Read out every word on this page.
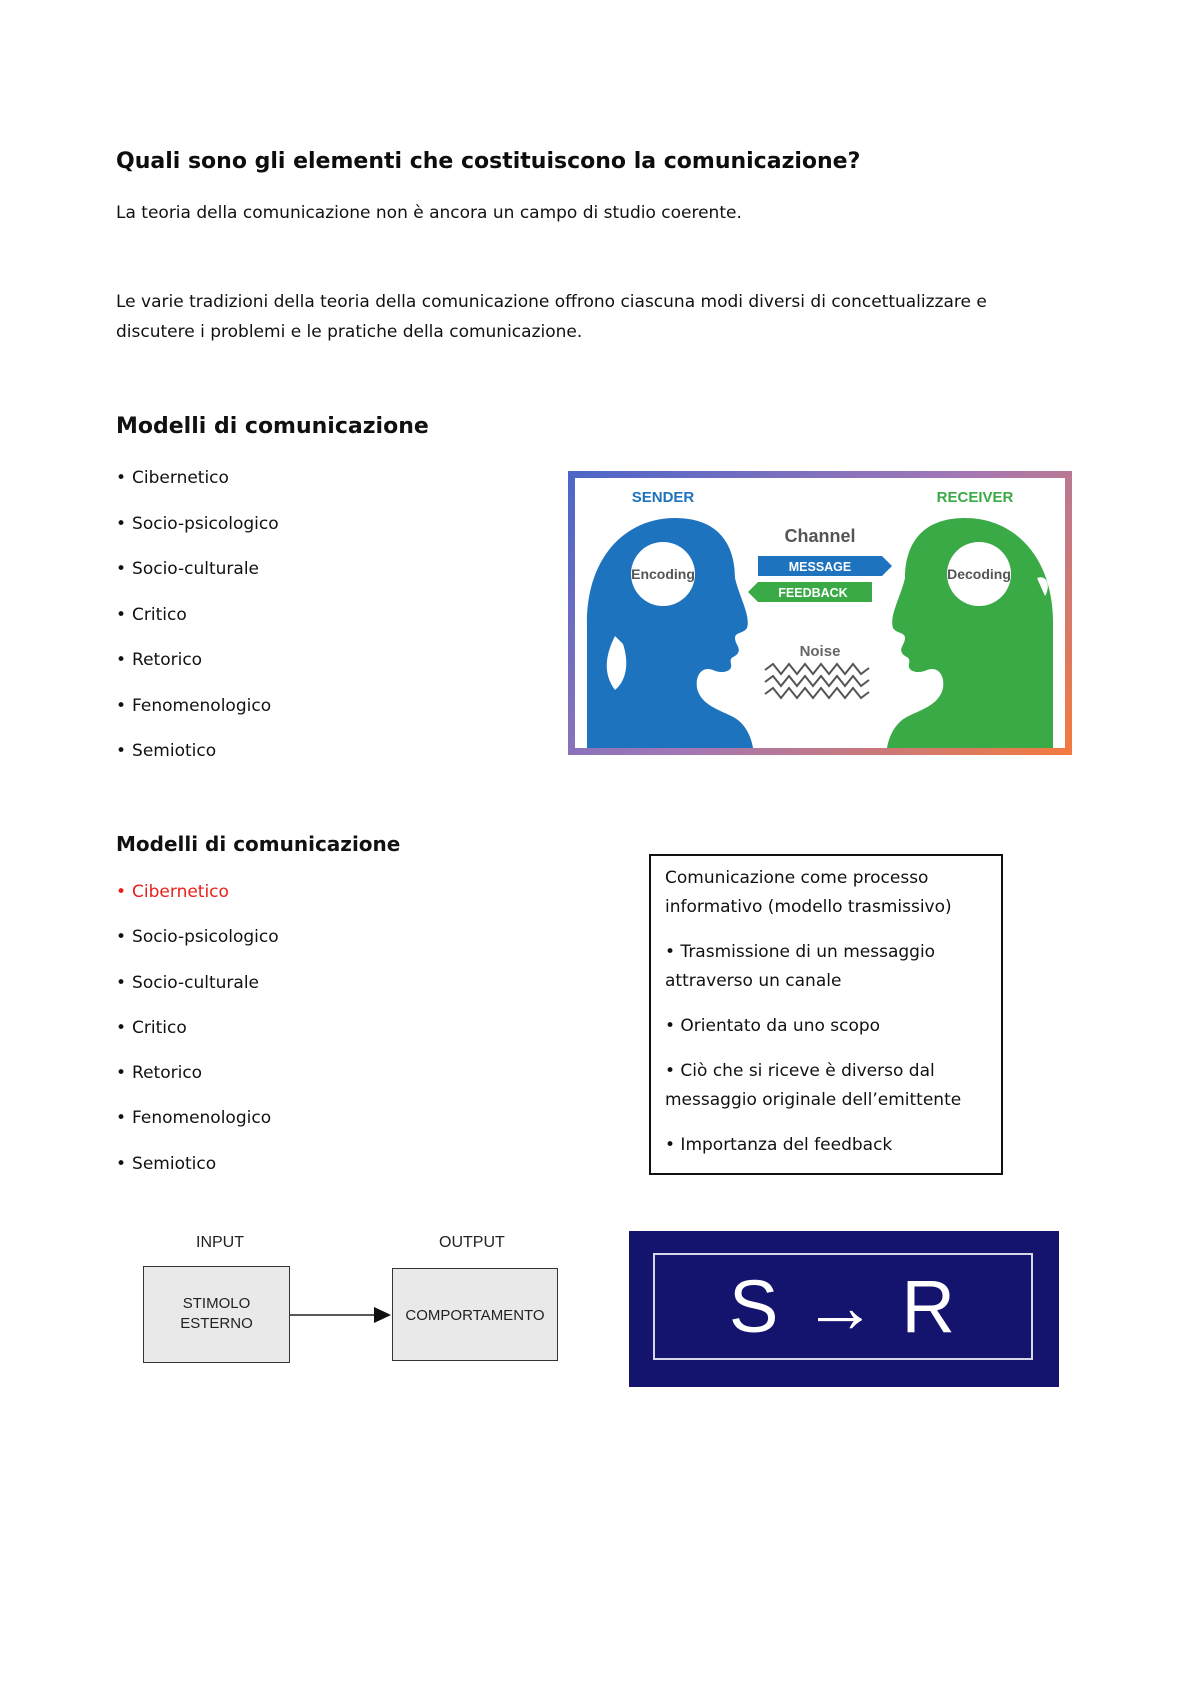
Quali sono gli elementi che costituiscono la comunicazione?
La teoria della comunicazione non è ancora un campo di studio coerente.
Le varie tradizioni della teoria della comunicazione offrono ciascuna modi diversi di concettualizzare e
discutere i problemi e le pratiche della comunicazione.
Modelli di comunicazione
• Cibernetico
• Socio-psicologico
• Socio-culturale
• Critico
• Retorico
• Fenomenologico
• Semiotico
Encoding
SENDER
Decoding
RECEIVER
Channel
MESSAGE
FEEDBACK
Noise
Modelli di comunicazione
• Cibernetico
• Socio-psicologico
• Socio-culturale
• Critico
• Retorico
• Fenomenologico
• Semiotico

Comunicazione come processo
informativo (modello trasmissivo)

• Trasmissione di un messaggio
attraverso un canale

• Orientato da uno scopo

• Ciò che si riceve è diverso dal
messaggio originale dell’emittente

• Importanza del feedback

INPUT	OUTPUT
STIMOLO
ESTERNO	COMPORTAMENTO S → R
